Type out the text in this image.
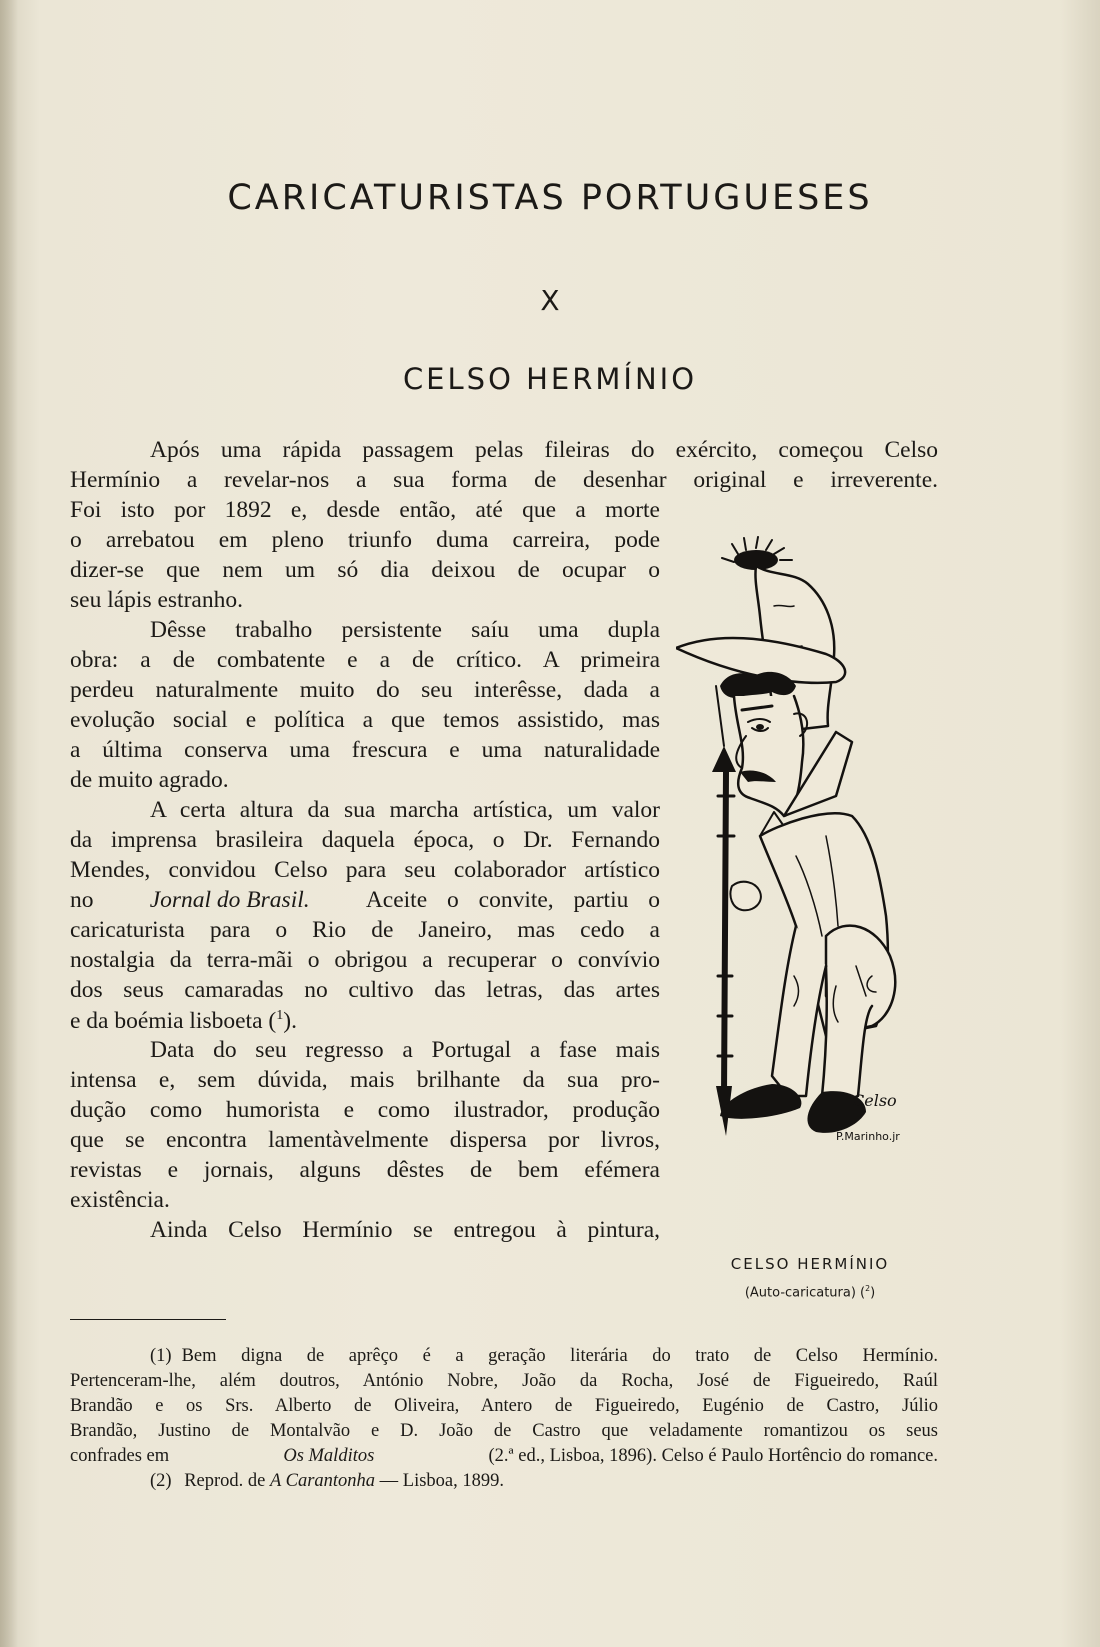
CARICATURISTAS PORTUGUESES
X
CELSO HERMÍNIO
Após uma rápida passagem pelas fileiras do exército, começou Celso
Hermínio a revelar-nos a sua forma de desenhar original e irreverente.
Foi isto por 1892 e, desde então, até que a morte
o arrebatou em pleno triunfo duma carreira, pode
dizer-se que nem um só dia deixou de ocupar o
seu lápis estranho.
Dêsse trabalho persistente saíu uma dupla
obra: a de combatente e a de crítico. A primeira
perdeu naturalmente muito do seu interêsse, dada a
evolução social e política a que temos assistido, mas
a última conserva uma frescura e uma naturalidade
de muito agrado.
A certa altura da sua marcha artística, um valor
da imprensa brasileira daquela época, o Dr. Fernando
Mendes, convidou Celso para seu colaborador artístico
no Jornal do Brasil. Aceite o convite, partiu o
caricaturista para o Rio de Janeiro, mas cedo a
nostalgia da terra-mãi o obrigou a recuperar o convívio
dos seus camaradas no cultivo das letras, das artes
e da boémia lisboeta ($^1$).
Data do seu regresso a Portugal a fase mais
intensa e, sem dúvida, mais brilhante da sua pro-
dução como humorista e como ilustrador, produção
que se encontra lamentàvelmente dispersa por livros,
revistas e jornais, alguns dêstes de bem efémera
existência.
Ainda Celso Hermínio se entregou à pintura,
Celso
P.Marinho.jr
CELSO HERMÍNIO
(Auto-caricatura) ($^2$)
(1) Bem digna de aprêço é a geração literária do trato de Celso Hermínio.
Pertenceram-lhe, além doutros, António Nobre, João da Rocha, José de Figueiredo, Raúl
Brandão e os Srs. Alberto de Oliveira, Antero de Figueiredo, Eugénio de Castro, Júlio
Brandão, Justino de Montalvão e D. João de Castro que veladamente romantizou os seus
confrades em	Os Malditos	(2.ª ed., Lisboa, 1896). Celso é Paulo Hortêncio do romance.
(2) Reprod. de A Carantonha — Lisboa, 1899.
